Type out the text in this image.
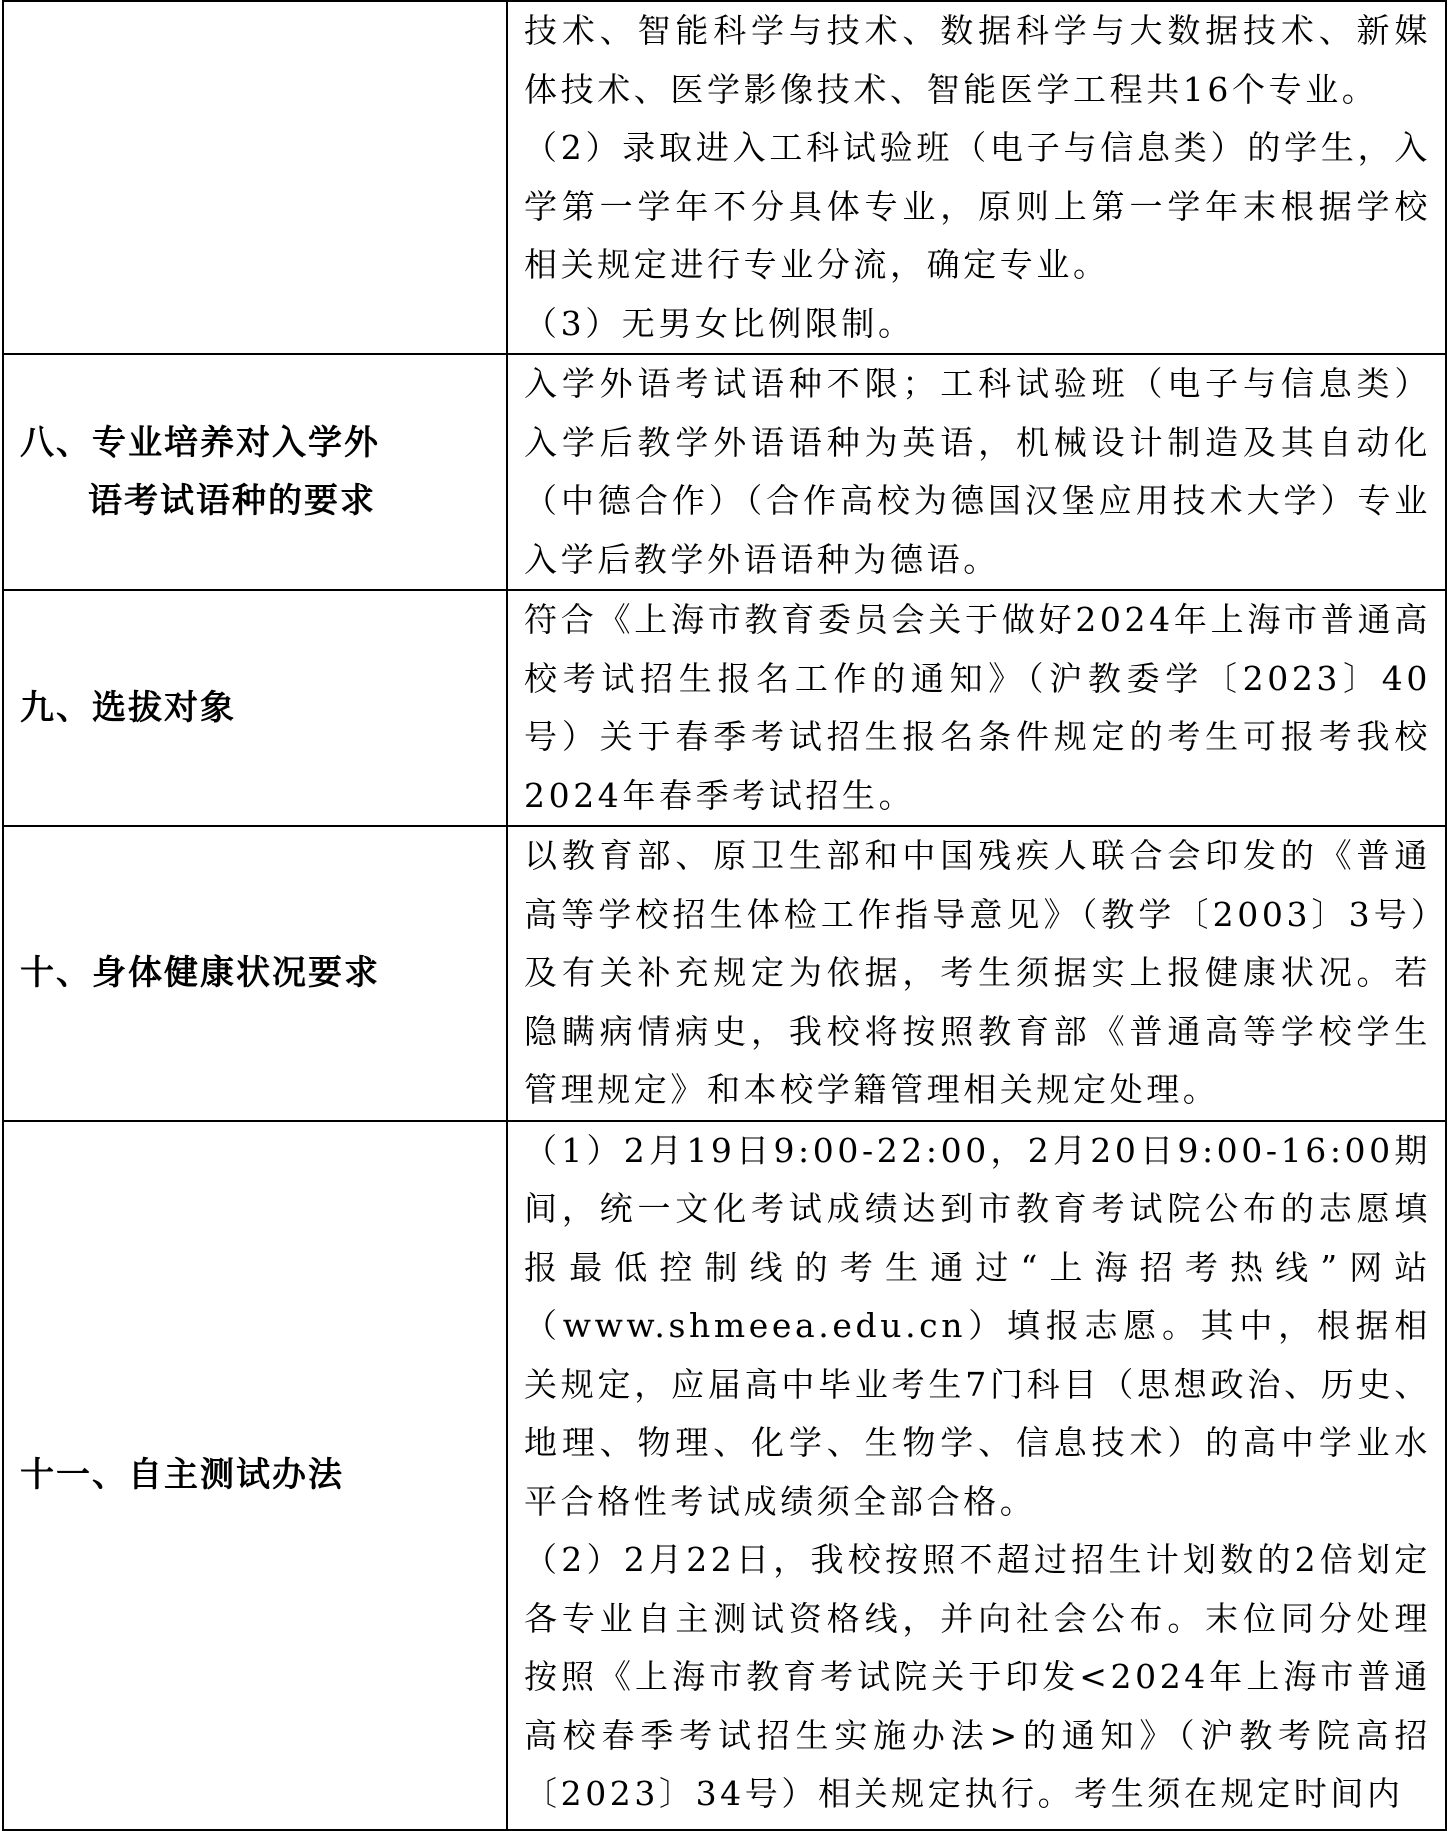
	技术、智能科学与技术、数据科学与大数据技术、新媒体技术、医学影像技术、智能医学工程共16个专业。

（2）录取进入工科试验班（电子与信息类）的学生，入学第一学年不分具体专业，原则上第一学年末根据学校相关规定进行专业分流，确定专业。

（3）无男女比例限制。

八、专业培养对入学外
语考试语种的要求	入学外语考试语种不限；工科试验班（电子与信息类）入学后教学外语语种为英语，机械设计制造及其自动化（中德合作）（合作高校为德国汉堡应用技术大学）专业入学后教学外语语种为德语。

九、选拔对象	符合《上海市教育委员会关于做好2024年上海市普通高校考试招生报名工作的通知》（沪教委学〔2023〕40号）关于春季考试招生报名条件规定的考生可报考我校2024年春季考试招生。

十、身体健康状况要求	以教育部、原卫生部和中国残疾人联合会印发的《普通高等学校招生体检工作指导意见》（教学〔2003〕3号）及有关补充规定为依据，考生须据实上报健康状况。若隐瞒病情病史，我校将按照教育部《普通高等学校学生管理规定》和本校学籍管理相关规定处理。

十一、自主测试办法	（1）2月19日9:00-22:00，2月20日9:00-16:00期间，统一文化考试成绩达到市教育考试院公布的志愿填报最低控制线的考生通过“上海招考热线”网站（www.shmeea.edu.cn）填报志愿。其中，根据相关规定，应届高中毕业考生7门科目（思想政治、历史、地理、物理、化学、生物学、信息技术）的高中学业水平合格性考试成绩须全部合格。

（2）2月22日，我校按照不超过招生计划数的2倍划定各专业自主测试资格线，并向社会公布。末位同分处理按照《上海市教育考试院关于印发<2024年上海市普通高校春季考试招生实施办法>的通知》（沪教考院高招〔2023〕34号）相关规定执行。考生须在规定时间内
